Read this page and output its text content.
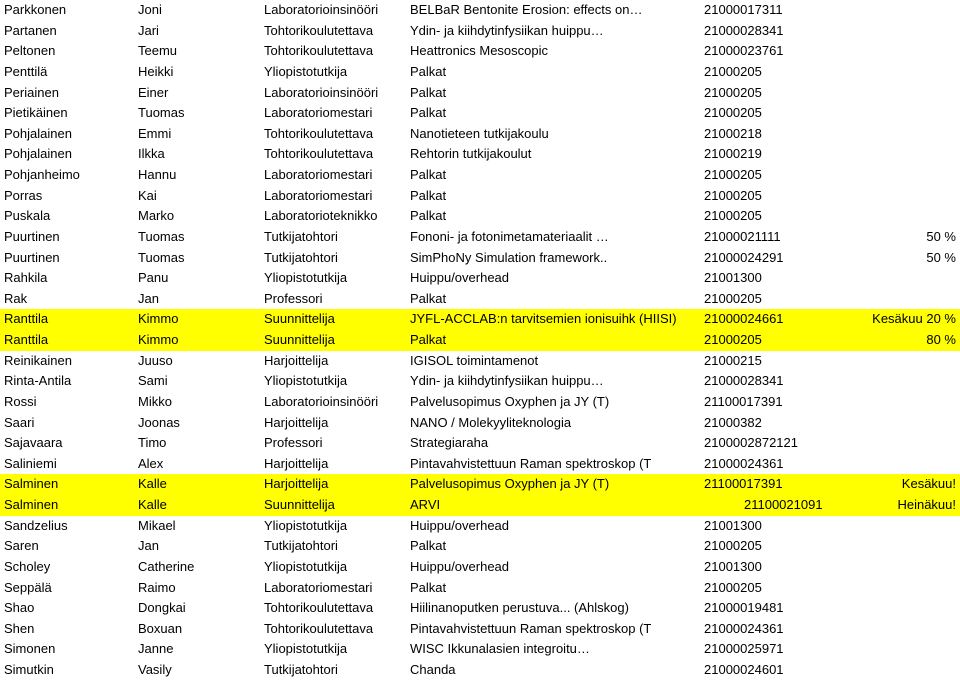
Parkkonen	Joni	Laboratorioinsinööri	BELBaR Bentonite Erosion: effects on…	21000017311
Partanen	Jari	Tohtorikoulutettava	Ydin- ja kiihdytinfysiikan huippu…	21000028341
Peltonen	Teemu	Tohtorikoulutettava	Heattronics Mesoscopic	21000023761
Penttilä	Heikki	Yliopistotutkija	Palkat	21000205
Periainen	Einer	Laboratorioinsinööri	Palkat	21000205
Pietikäinen	Tuomas	Laboratoriomestari	Palkat	21000205
Pohjalainen	Emmi	Tohtorikoulutettava	Nanotieteen tutkijakoulu	21000218
Pohjalainen	Ilkka	Tohtorikoulutettava	Rehtorin tutkijakoulut	21000219
Pohjanheimo	Hannu	Laboratoriomestari	Palkat	21000205
Porras	Kai	Laboratoriomestari	Palkat	21000205
Puskala	Marko	Laboratorioteknikko	Palkat	21000205
Puurtinen	Tuomas	Tutkijatohtori	Fononi- ja fotonimetamateriaalit …	21000021111	50 %
Puurtinen	Tuomas	Tutkijatohtori	SimPhoNy Simulation framework..	21000024291	50 %
Rahkila	Panu	Yliopistotutkija	Huippu/overhead	21001300
Rak	Jan	Professori	Palkat	21000205
Ranttila	Kimmo	Suunnittelija	JYFL-ACCLAB:n tarvitsemien ionisuihk (HIISI)	21000024661	Kesäkuu 20 %
Ranttila	Kimmo	Suunnittelija	Palkat	21000205	80 %
Reinikainen	Juuso	Harjoittelija	IGISOL toimintamenot	21000215
Rinta-Antila	Sami	Yliopistotutkija	Ydin- ja kiihdytinfysiikan huippu…	21000028341
Rossi	Mikko	Laboratorioinsinööri	Palvelusopimus Oxyphen ja JY (T)	21100017391
Saari	Joonas	Harjoittelija	NANO / Molekyyliteknologia	21000382
Sajavaara	Timo	Professori	Strategiaraha	2100002872121
Saliniemi	Alex	Harjoittelija	Pintavahvistettuun Raman spektroskop (T	21000024361
Salminen	Kalle	Harjoittelija	Palvelusopimus Oxyphen ja JY (T)	21100017391	Kesäkuu!
Salminen	Kalle	Suunnittelija	ARVI	21100021091	Heinäkuu!
Sandzelius	Mikael	Yliopistotutkija	Huippu/overhead	21001300
Saren	Jan	Tutkijatohtori	Palkat	21000205
Scholey	Catherine	Yliopistotutkija	Huippu/overhead	21001300
Seppälä	Raimo	Laboratoriomestari	Palkat	21000205
Shao	Dongkai	Tohtorikoulutettava	Hiilinanoputken perustuva... (Ahlskog)	21000019481
Shen	Boxuan	Tohtorikoulutettava	Pintavahvistettuun Raman spektroskop (T	21000024361
Simonen	Janne	Yliopistotutkija	WISC Ikkunalasien integroitu…	21000025971
Simutkin	Vasily	Tutkijatohtori	Chanda	21000024601
